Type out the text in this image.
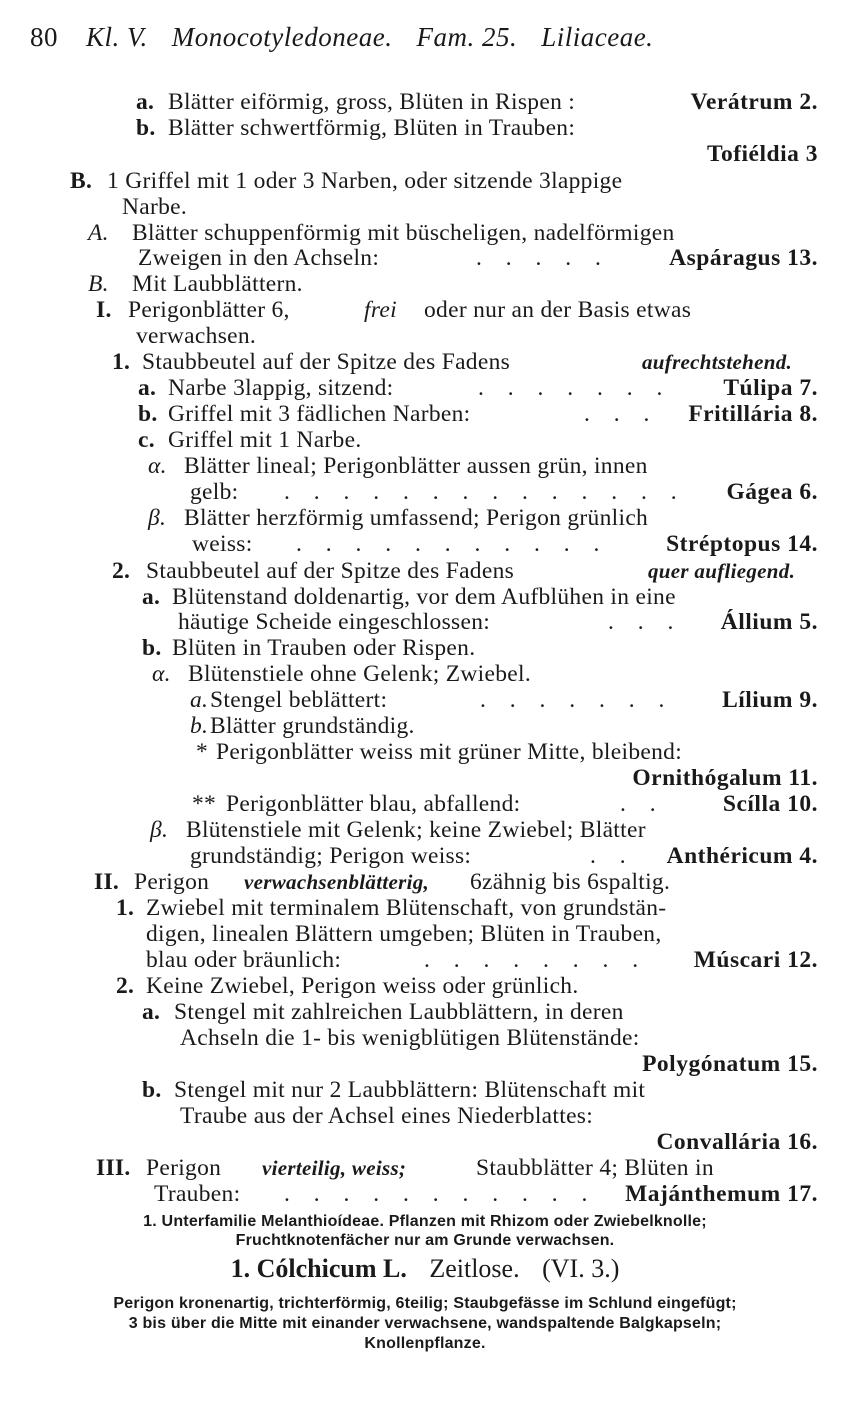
80 Kl. V. Monocotyledoneae. Fam. 25. Liliaceae.
a. Blätter eiförmig, gross, Blüten in Rispen :	Verátrum 2.
b. Blätter schwertförmig, Blüten in Trauben:
Tofiéldia 3
B. 1 Griffel mit 1 oder 3 Narben, oder sitzende 3lappige
Narbe.
A. Blätter schuppenförmig mit büscheligen, nadelförmigen
Zweigen in den Achseln:	. . . . .	Aspáragus 13.
B. Mit Laubblättern.
I. Perigonblätter 6,	frei oder nur an der Basis etwas
verwachsen.
1. Staubbeutel auf der Spitze des Fadens	aufrechtstehend.
a. Narbe 3lappig, sitzend:	. . . . . . . Túlipa 7.
b. Griffel mit 3 fädlichen Narben:	. . . Fritillária 8.
c. Griffel mit 1 Narbe.
α. Blätter lineal; Perigonblätter aussen grün, innen
gelb: . . . . . . . . . . . . . . Gágea 6.
β. Blätter herzförmig umfassend; Perigon grünlich
weiss: . . . . . . . . . . . Stréptopus 14.
2. Staubbeutel auf der Spitze des Fadens	quer aufliegend.
a. Blütenstand doldenartig, vor dem Aufblühen in eine
häutige Scheide eingeschlossen:	. . . Állium 5.
b. Blüten in Trauben oder Rispen.
α. Blütenstiele ohne Gelenk; Zwiebel.
a. Stengel beblättert:	. . . . . . . Lílium 9.
b. Blätter grundständig.
* Perigonblätter weiss mit grüner Mitte, bleibend:
Ornithógalum 11.
** Perigonblätter blau, abfallend:	. . Scílla 10.
β. Blütenstiele mit Gelenk; keine Zwiebel; Blätter
grundständig; Perigon weiss:	. . Anthéricum 4.
II. Perigon verwachsenblätterig, 6zähnig bis 6spaltig.
1. Zwiebel mit terminalem Blütenschaft, von grundstän-
digen, linealen Blättern umgeben; Blüten in Trauben,
blau oder bräunlich:	. . . . . . . . Múscari 12.
2. Keine Zwiebel, Perigon weiss oder grünlich.
a. Stengel mit zahlreichen Laubblättern, in deren
Achseln die 1- bis wenigblütigen Blütenstände:
Polygónatum 15.
b. Stengel mit nur 2 Laubblättern: Blütenschaft mit
Traube aus der Achsel eines Niederblattes:
Convallária 16.
III. Perigon vierteilig, weiss;	Staubblätter 4; Blüten in
Trauben: . . . . . . . . . . . Majánthemum 17.
1. Unterfamilie Melanthioídeae. Pflanzen mit Rhizom oder Zwiebelknolle;
Fruchtknotenfächer nur am Grunde verwachsen.
1. Cólchicum L. Zeitlose. (VI. 3.)
Perigon kronenartig, trichterförmig, 6teilig; Staubgefässe im Schlund eingefügt;
3 bis über die Mitte mit einander verwachsene, wandspaltende Balgkapseln;
Knollenpflanze.
